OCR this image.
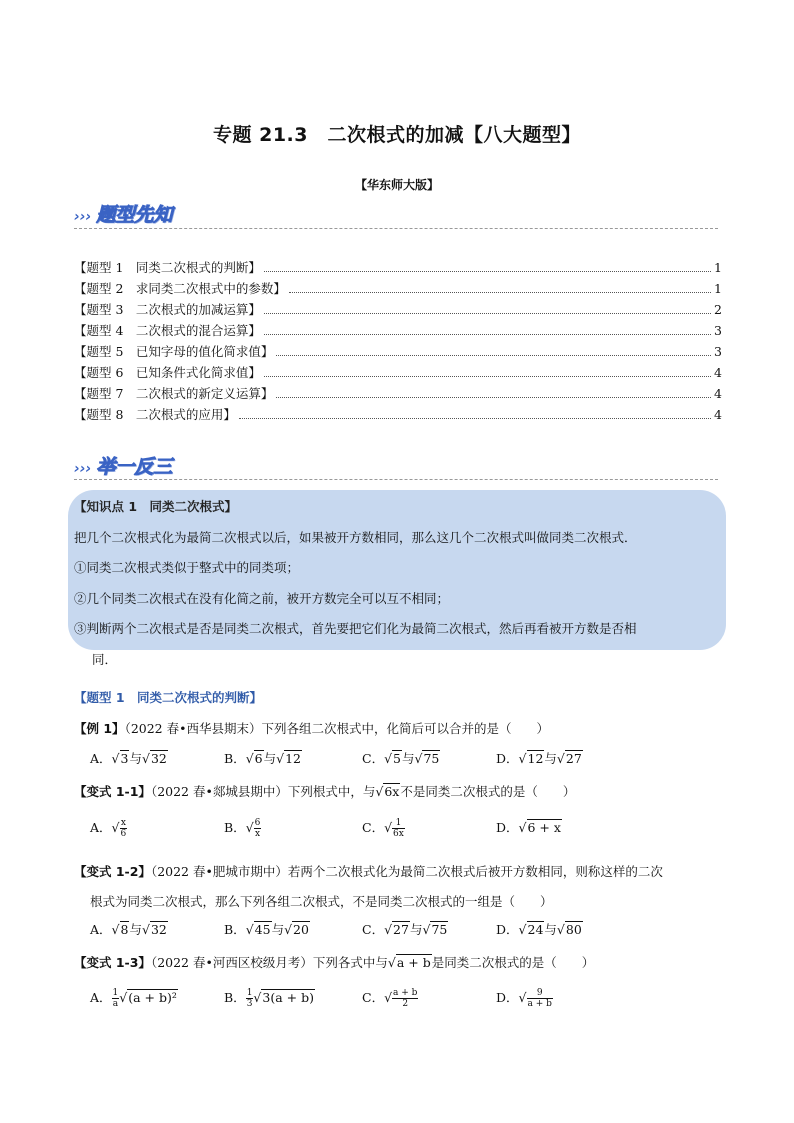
专题 21.3　二次根式的加减【八大题型】
【华东师大版】
››› 题型先知
【题型 1　同类二次根式的判断】	1
【题型 2　求同类二次根式中的参数】	1
【题型 3　二次根式的加减运算】	2
【题型 4　二次根式的混合运算】	3
【题型 5　已知字母的值化简求值】	3
【题型 6　已知条件式化简求值】	4
【题型 7　二次根式的新定义运算】	4
【题型 8　二次根式的应用】	4
››› 举一反三
【知识点 1　同类二次根式】
把几个二次根式化为最简二次根式以后，如果被开方数相同，那么这几个二次根式叫做同类二次根式．
①同类二次根式类似于整式中的同类项；
②几个同类二次根式在没有化简之前，被开方数完全可以互不相同；
③判断两个二次根式是否是同类二次根式，首先要把它们化为最简二次根式，然后再看被开方数是否相
同．
【题型 1　同类二次根式的判断】
【例 1】（2022 春•西华县期末）下列各组二次根式中，化简后可以合并的是（　　）
A．√3与√32	B．√6与√12	C．√5与√75	D．√12与√27
【变式 1-1】（2022 春•郯城县期中）下列根式中，与√6x不是同类二次根式的是（　　）
A．√ $\frac{x}{6}$	B．√ $\frac{6}{x}$	C．√ $\frac{1}{6x}$	D．√6 + x
【变式 1-2】（2022 春•肥城市期中）若两个二次根式化为最简二次根式后被开方数相同，则称这样的二次
根式为同类二次根式，那么下列各组二次根式，不是同类二次根式的一组是（　　）
A．√8与√32	B．√45与√20	C．√27与√75	D．√24与√80
【变式 1-3】（2022 春•河西区校级月考）下列各式中与√a + b是同类二次根式的是（　　）
A． $\frac{1}{a} √(a + b)^2$	B． $\frac{1}{3} √3(a + b)$	C．√ $\frac{a + b}{2}$	D．√ $\frac{9}{a + b}$
